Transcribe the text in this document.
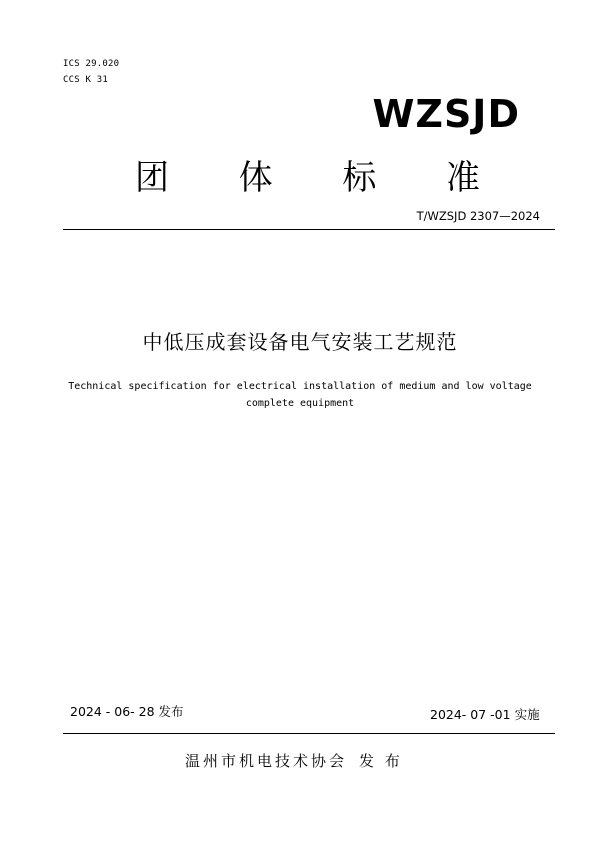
ICS 29.020
CCS K 31
WZSJD
团 体 标 准
T/WZSJD 2307—2024
中低压成套设备电气安装工艺规范
Technical specification for electrical installation of medium and low voltage
complete equipment
2024 - 06- 28 发布	2024- 07 -01 实施
温州市机电技术协会 发 布
